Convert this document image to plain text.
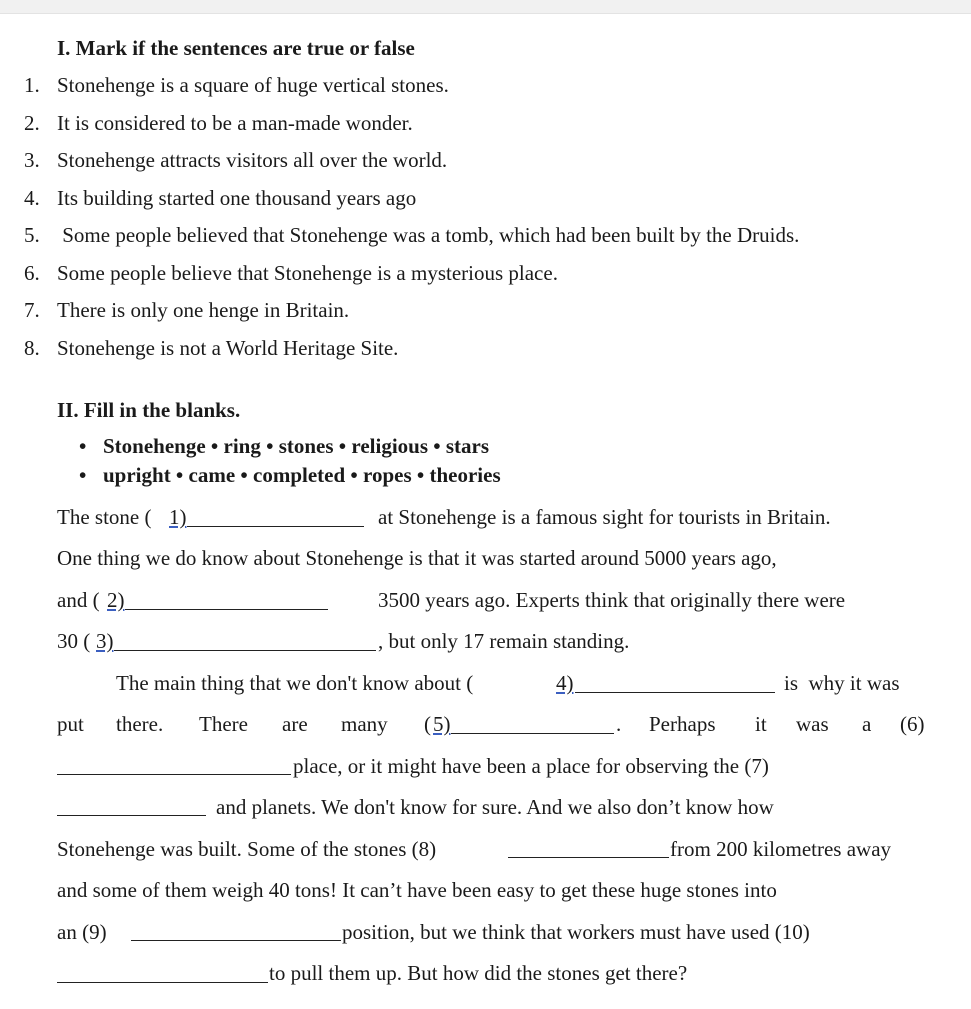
I. Mark if the sentences are true or false
1. Stonehenge is a square of huge vertical stones.
2. It is considered to be a man-made wonder.
3. Stonehenge attracts visitors all over the world.
4. Its building started one thousand years ago
5. Some people believed that Stonehenge was a tomb, which had been built by the Druids.
6. Some people believe that Stonehenge is a mysterious place.
7. There is only one henge in Britain.
8. Stonehenge is not a World Heritage Site.
II. Fill in the blanks.
• Stonehenge • ring • stones • religious • stars
• upright • came • completed • ropes • theories
The stone ( 1)	at Stonehenge is a famous sight for tourists in Britain.
One thing we do know about Stonehenge is that it was started around 5000 years ago,
and ( 2)	3500 years ago. Experts think that originally there were
30 ( 3)	, but only 17 remain standing.
The main thing that we don't know about (	4)	is  why it was
put there. There are many ( 5)	. Perhaps it was a (6)
place, or it might have been a place for observing the (7)
and planets. We don't know for sure. And we also don’t know how
Stonehenge was built. Some of the stones (8)	from 200 kilometres away
and some of them weigh 40 tons! It can’t have been easy to get these huge stones into
an (9)	position, but we think that workers must have used (10)
to pull them up. But how did the stones get there?
